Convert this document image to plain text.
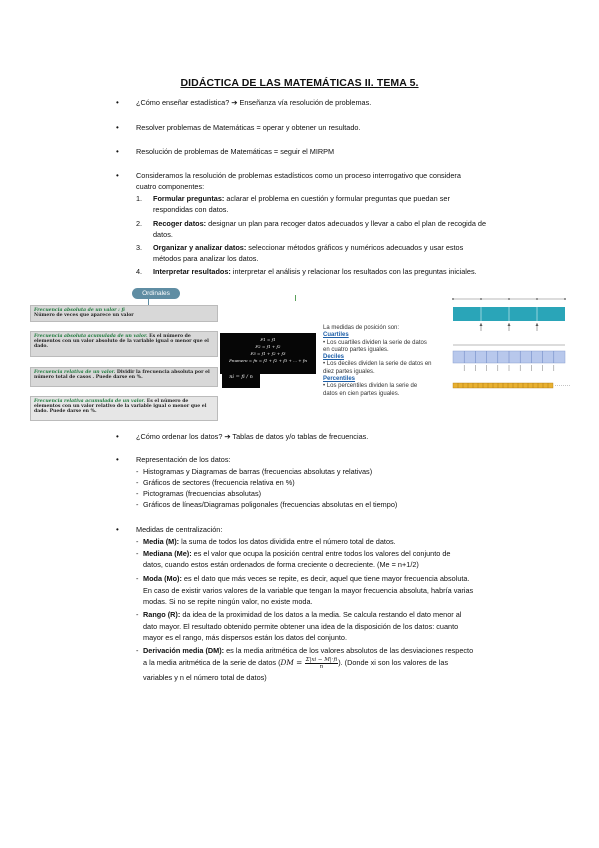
DIDÁCTICA DE LAS MATEMÁTICAS II. TEMA 5.
• ¿Cómo enseñar estadística? ➔ Enseñanza vía resolución de problemas.
• Resolver problemas de Matemáticas = operar y obtener un resultado.
• Resolución de problemas de Matemáticas = seguir el MIRPM
• Consideramos la resolución de problemas estadísticos como un proceso interrogativo que considera
cuatro componentes:
1.	Formular preguntas: aclarar el problema en cuestión y formular preguntas que puedan ser
respondidas con datos.
2.	Recoger datos: designar un plan para recoger datos adecuados y llevar a cabo el plan de recogida de
datos.
3.	Organizar y analizar datos: seleccionar métodos gráficos y numéricos adecuados y usar estos
métodos para analizar los datos.
4.	Interpretar resultados: interpretar el análisis y relacionar los resultados con las preguntas iniciales.
Ordinales
Frecuencia absoluta de un valor : fi
Número de veces que aparece un valor
Frecuencia absoluta acumulada de un valor. Es el número de elementos con un valor absoluto de la variable igual o menor que el dado.
Frecuencia relativa de un valor. Dividir la frecuencia absoluta por el número total de casos . Puede darse en %.
Frecuencia relativa acumulada de un valor. Es el número de elementos con un valor relativo de la variable igual o menor que el dado. Puede darse en %.
F1 = f1
F2 = f1 + f2
F3 = f1 + f2 + f3
Fnumero = fn = f1 + f2 + f3 + ... + fn
ni = fi / n
La medidas de posición son:
Cuartiles
• Los cuartiles dividen la serie de datos en cuatro partes iguales.
Deciles
• Los deciles dividen la serie de datos en diez partes iguales.
Percentiles
• Los percentiles dividen la serie de datos en cien partes iguales.
• ¿Cómo ordenar los datos? ➔ Tablas de datos y/o tablas de frecuencias.
• Representación de los datos:
- Histogramas y Diagramas de barras (frecuencias absolutas y relativas)
- Gráficos de sectores (frecuencia relativa en %)
- Pictogramas (frecuencias absolutas)
- Gráficos de líneas/Diagramas poligonales (frecuencias absolutas en el tiempo)
• Medidas de centralización:
- Media (M): la suma de todos los datos dividida entre el número total de datos.
- Mediana (Me): es el valor que ocupa la posición central entre todos los valores del conjunto de
datos, cuando estos están ordenados de forma creciente o decreciente. (Me = n+1/2)
- Moda (Mo): es el dato que más veces se repite, es decir, aquel que tiene mayor frecuencia absoluta.
En caso de existir varios valores de la variable que tengan la mayor frecuencia absoluta, habría varias
modas. Si no se repite ningún valor, no existe moda.
- Rango (R): da idea de la proximidad de los datos a la media. Se calcula restando el dato menor al
dato mayor. El resultado obtenido permite obtener una idea de la disposición de los datos: cuanto
mayor es el rango, más dispersos están los datos del conjunto.
- Derivación media (DM): es la media aritmética de los valores absolutos de las desviaciones respecto
a la media aritmética de la serie de datos ($DM = \frac{\Sigma|xi - M|\cdot fi}{n}$ ). (Donde xi son los valores de las
variables y n el número total de datos)
